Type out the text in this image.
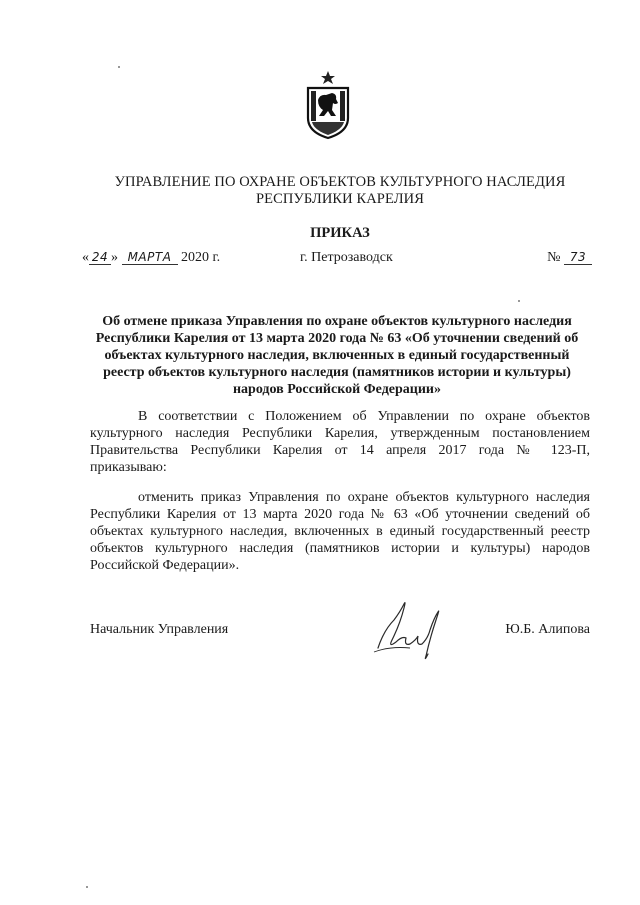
УПРАВЛЕНИЕ ПО ОХРАНЕ ОБЪЕКТОВ КУЛЬТУРНОГО НАСЛЕДИЯ
РЕСПУБЛИКИ КАРЕЛИЯ
ПРИКАЗ
« 24 » МАРТА 2020 г.	г. Петрозаводск	№ 73
Об отмене приказа Управления по охране объектов культурного наследия
Республики Карелия от 13 марта 2020 года № 63 «Об уточнении сведений об
объектах культурного наследия, включенных в единый государственный
реестр объектов культурного наследия (памятников истории и культуры)
народов Российской Федерации»
В соответствии с Положением об Управлении по охране объектов
культурного наследия Республики Карелия, утвержденным постановлением
Правительства Республики Карелия от 14 апреля 2017 года № 123-П,
приказываю:
отменить приказ Управления по охране объектов культурного наследия
Республики Карелия от 13 марта 2020 года № 63 «Об уточнении сведений об
объектах культурного наследия, включенных в единый государственный реестр
объектов культурного наследия (памятников истории и культуры) народов
Российской Федерации».
Начальник Управления	Ю.Б. Алипова
